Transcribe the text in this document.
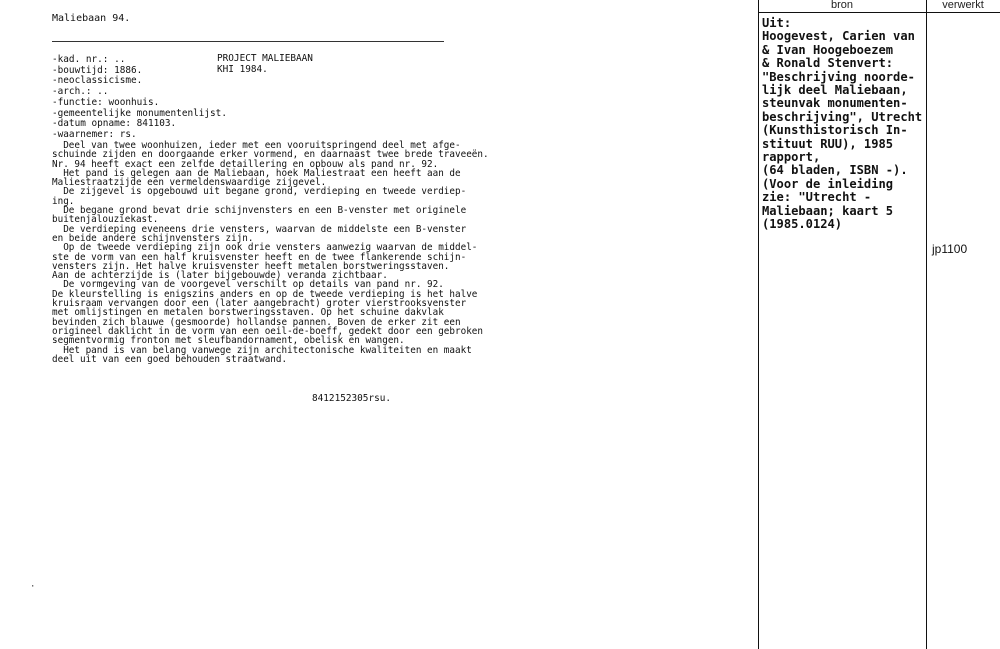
Maliebaan 94.
-kad. nr.: ..
-bouwtijd: 1886.
-neoclassicisme.
-arch.: ..
-functie: woonhuis.
-gemeentelijke monumentenlijst.
-datum opname: 841103.
-waarnemer: rs.
PROJECT MALIEBAAN
KHI 1984.
Deel van twee woonhuizen, ieder met een vooruitspringend deel met afge-
schuinde zijden en doorgaande erker vormend, en daarnaast twee brede traveeën.
Nr. 94 heeft exact een zelfde detaillering en opbouw als pand nr. 92.
Het pand is gelegen aan de Maliebaan, hoek Maliestraat een heeft aan de
Maliestraatzijde een vermeldenswaardige zijgevel.
De zijgevel is opgebouwd uit begane grond, verdieping en tweede verdiep-
ing.
De begane grond bevat drie schijnvensters en een B-venster met originele
buitenjalouziekast.
De verdieping eveneens drie vensters, waarvan de middelste een B-venster
en beide andere schijnvensters zijn.
Op de tweede verdieping zijn ook drie vensters aanwezig waarvan de middel-
ste de vorm van een half kruisvenster heeft en de twee flankerende schijn-
vensters zijn. Het halve kruisvenster heeft metalen borstweringsstaven.
Aan de achterzijde is (later bijgebouwde) veranda zichtbaar.
De vormgeving van de voorgevel verschilt op details van pand nr. 92.
De kleurstelling is enigszins anders en op de tweede verdieping is het halve
kruisraam vervangen door een (later aangebracht) groter vierstrooksvenster
met omlijstingen en metalen borstweringsstaven. Op het schuine dakvlak
bevinden zich blauwe (gesmoorde) hollandse pannen. Boven de erker zit een
origineel daklicht in de vorm van een oeil-de-boeff, gedekt door een gebroken
segmentvormig fronton met sleufbandornament, obelisk en wangen.
Het pand is van belang vanwege zijn architectonische kwaliteiten en maakt
deel uit van een goed behouden straatwand.
8412152305rsu.
·
bron	verwerkt
Uit:
Hoogevest, Carien van
& Ivan Hoogeboezem
& Ronald Stenvert:
"Beschrijving noorde-
lijk deel Maliebaan,
steunvak monumenten-
beschrijving", Utrecht
(Kunsthistorisch In-
stituut RUU), 1985
rapport,
(64 bladen, ISBN -).
(Voor de inleiding
zie: "Utrecht -
Maliebaan; kaart 5
(1985.0124)
jp1100
